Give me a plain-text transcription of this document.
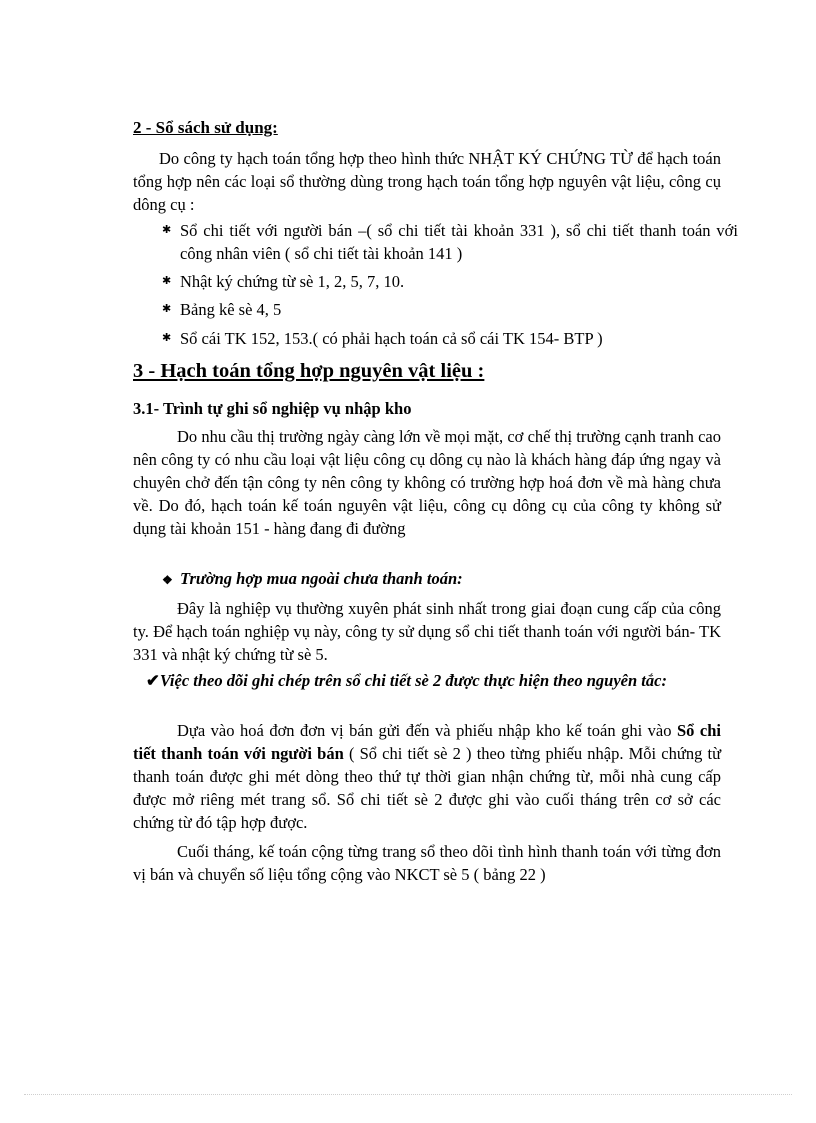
2 - Sổ sách sử dụng:

Do công ty hạch toán tổng hợp theo hình thức NHẬT KÝ CHỨNG TỪ để hạch toán tổng hợp nên các loại sổ thường dùng trong hạch toán tổng hợp nguyên vật liệu, công cụ dông cụ :

✱ Sổ chi tiết với người bán –( sổ chi tiết tài khoản 331 ), sổ chi tiết thanh toán với công nhân viên ( sổ chi tiết tài khoản 141 )
✱ Nhật ký chứng từ sè 1, 2, 5, 7, 10.
✱ Bảng kê sè 4, 5
✱ Sổ cái TK 152, 153.( có phải hạch toán cả sổ cái TK 154- BTP )

3 - Hạch toán tổng hợp nguyên vật liệu :

3.1- Trình tự ghi sổ nghiệp vụ nhập kho

Do nhu cầu thị trường ngày càng lớn về mọi mặt, cơ chế thị trường cạnh tranh cao nên công ty có nhu cầu loại vật liệu công cụ dông cụ nào là khách hàng đáp ứng ngay và chuyên chở đến tận công ty nên công ty không có trường hợp hoá đơn về mà hàng chưa về. Do đó, hạch toán kế toán nguyên vật liệu, công cụ dông cụ của công ty không sử dụng tài khoản 151 - hàng đang đi đường

❖ Trường hợp mua ngoài chưa thanh toán:

Đây là nghiệp vụ thường xuyên phát sinh nhất trong giai đoạn cung cấp của công ty. Để hạch toán nghiệp vụ này, công ty sử dụng sổ chi tiết thanh toán với người bán- TK 331 và nhật ký chứng từ sè 5.

✔Việc theo dõi ghi chép trên sổ chi tiết sè 2 được thực hiện theo nguyên tắc:

Dựa vào hoá đơn đơn vị bán gửi đến và phiếu nhập kho kế toán ghi vào Sổ chi tiết thanh toán với người bán ( Sổ chi tiết sè 2 ) theo từng phiếu nhập. Mỗi chứng từ thanh toán được ghi mét dòng theo thứ tự thời gian nhận chứng từ, mỗi nhà cung cấp được mở riêng mét trang sổ. Sổ chi tiết sè 2 được ghi vào cuối tháng trên cơ sở các chứng từ đó tập hợp được.

Cuối tháng, kế toán cộng từng trang sổ theo dõi tình hình thanh toán với từng đơn vị bán và chuyển số liệu tổng cộng vào NKCT sè 5 ( bảng 22 )
